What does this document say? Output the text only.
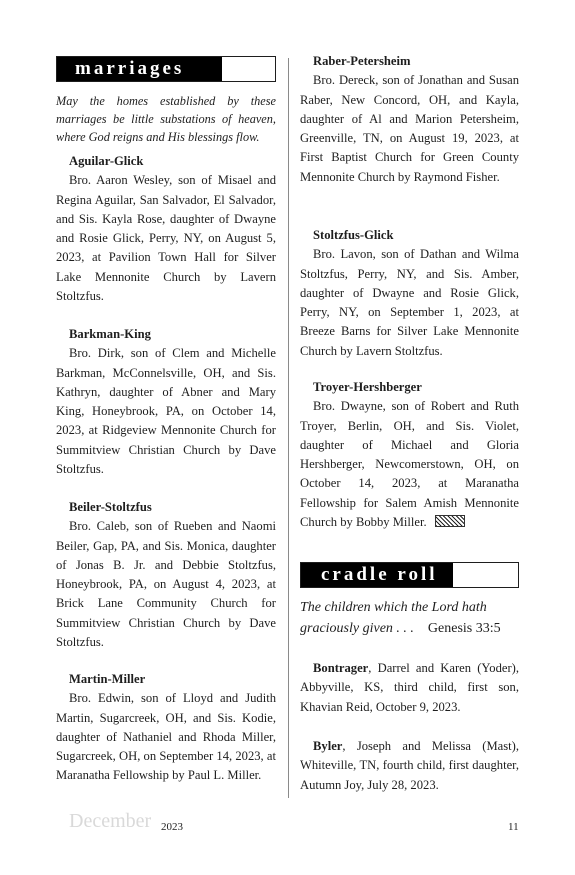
marriages

May the homes established by these marriages be little substations of heaven, where God reigns and His blessings flow.

Aguilar-Glick

Bro. Aaron Wesley, son of Misael and Regina Aguilar, San Salvador, El Salvador, and Sis. Kayla Rose, daughter of Dwayne and Rosie Glick, Perry, NY, on August 5, 2023, at Pavilion Town Hall for Silver Lake Mennonite Church by Lavern Stoltzfus.

Barkman-King

Bro. Dirk, son of Clem and Michelle Barkman, McConnelsville, OH, and Sis. Kathryn, daughter of Abner and Mary King, Honeybrook, PA, on October 14, 2023, at Ridgeview Mennonite Church for Summitview Christian Church by Dave Stoltzfus.

Beiler-Stoltzfus

Bro. Caleb, son of Rueben and Naomi Beiler, Gap, PA, and Sis. Monica, daughter of Jonas B. Jr. and Debbie Stoltzfus, Honeybrook, PA, on August 4, 2023, at Brick Lane Community Church for Summitview Christian Church by Dave Stoltzfus.

Martin-Miller

Bro. Edwin, son of Lloyd and Judith Martin, Sugarcreek, OH, and Sis. Kodie, daughter of Nathaniel and Rhoda Miller, Sugarcreek, OH, on September 14, 2023, at Maranatha Fellowship by Paul L. Miller.

Raber-Petersheim

Bro. Dereck, son of Jonathan and Susan Raber, New Concord, OH, and Kayla, daughter of Al and Marion Petersheim, Greenville, TN, on August 19, 2023, at First Baptist Church for Green County Mennonite Church by Raymond Fisher.

Stoltzfus-Glick

Bro. Lavon, son of Dathan and Wilma Stoltzfus, Perry, NY, and Sis. Amber, daughter of Dwayne and Rosie Glick, Perry, NY, on September 1, 2023, at Breeze Barns for Silver Lake Mennonite Church by Lavern Stoltzfus.

Troyer-Hershberger

Bro. Dwayne, son of Robert and Ruth Troyer, Berlin, OH, and Sis. Violet, daughter of Michael and Gloria Hershberger, Newcomerstown, OH, on October 14, 2023, at Maranatha Fellowship for Salem Amish Mennonite Church by Bobby Miller.

cradle roll

The children which the Lord hath graciously given . . . Genesis 33:5

Bontrager, Darrel and Karen (Yoder), Abbyville, KS, third child, first son, Khavian Reid, October 9, 2023.

Byler, Joseph and Melissa (Mast), Whiteville, TN, fourth child, first daughter, Autumn Joy, July 28, 2023.

December 2023	11
